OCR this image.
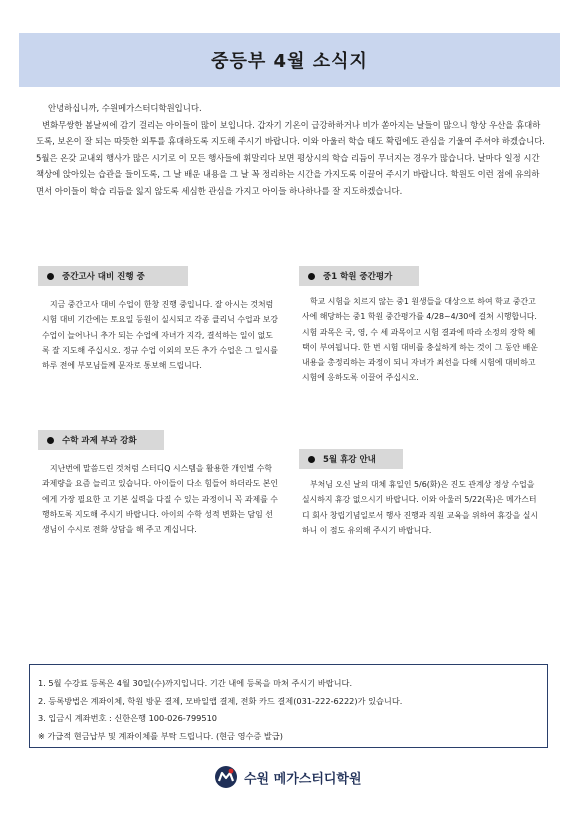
중등부 4월 소식지

안녕하십니까, 수원메가스터디학원입니다.

변화무쌍한 봄날씨에 감기 걸리는 아이들이 많이 보입니다. 갑자기 기온이 급강하하거나 비가 쏟아지는 날들이 많으니 항상 우산을 휴대하도록, 보온이 잘 되는 따뜻한 외투를 휴대하도록 지도해 주시기 바랍니다. 이와 아울러 학습 태도 확립에도 관심을 기울여 주셔야 하겠습니다. 5월은 온갖 교내외 행사가 많은 시기로 이 모든 행사들에 휘말리다 보면 평상시의 학습 리듬이 무너지는 경우가 많습니다. 날마다 일정 시간 책상에 앉아있는 습관을 들이도록, 그 날 배운 내용을 그 날 꼭 정리하는 시간을 가지도록 이끌어 주시기 바랍니다. 학원도 이런 점에 유의하면서 아이들이 학습 리듬을 잃지 않도록 세심한 관심을 가지고 아이들 하나하나를 잘 지도하겠습니다.

중간고사 대비 진행 중

지금 중간고사 대비 수업이 한창 진행 중입니다. 잘 아시는 것처럼 시험 대비 기간에는 토요일 등원이 실시되고 각종 클리닉 수업과 보강 수업이 늘어나니 추가 되는 수업에 자녀가 지각, 결석하는 일이 없도록 잘 지도해 주십시오. 정규 수업 이외의 모든 추가 수업은 그 일시를 하루 전에 부모님들께 문자로 통보해 드립니다.

수학 과제 부과 강화

지난번에 말씀드린 것처럼 스터디Q 시스템을 활용한 개인별 수학 과제량을 요즘 늘리고 있습니다. 아이들이 다소 힘들어 하더라도 본인에게 가장 필요한 고 기본 실력을 다질 수 있는 과정이니 꼭 과제를 수행하도록 지도해 주시기 바랍니다. 아이의 수학 성적 변화는 담임 선생님이 수시로 전화 상담을 해 주고 계십니다.

중1 학원 중간평가

학교 시험을 치르지 않는 중1 원생들을 대상으로 하여 학교 중간고사에 해당하는 중1 학원 중간평가를 4/28~4/30에 걸쳐 시행합니다. 시험 과목은 국, 영, 수 세 과목이고 시험 결과에 따라 소정의 장학 혜택이 부여됩니다. 한 번 시험 대비를 충실하게 하는 것이 그 동안 배운 내용을 총정리하는 과정이 되니 자녀가 최선을 다해 시험에 대비하고 시험에 응하도록 이끌어 주십시오.

5월 휴강 안내

부처님 오신 날의 대체 휴일인 5/6(화)은 진도 관계상 정상 수업을 실시하지 휴강 없으시기 바랍니다. 이와 아울러 5/22(목)은 메가스터디 회사 창립기념일로서 행사 진행과 직원 교육을 위하여 휴강을 실시하니 이 점도 유의해 주시기 바랍니다.

1. 5월 수강료 등록은 4월 30일(수)까지입니다. 기간 내에 등록을 마쳐 주시기 바랍니다.
2. 등록방법은 계좌이체, 학원 방문 결제, 모바일앱 결제, 전화 카드 결제(031-222-6222)가 있습니다.
3. 입금시 계좌번호 : 신한은행 100-026-799510
※ 가급적 현금납부 및 계좌이체를 부탁 드립니다. (현금 영수증 발급)
수원 메가스터디학원
